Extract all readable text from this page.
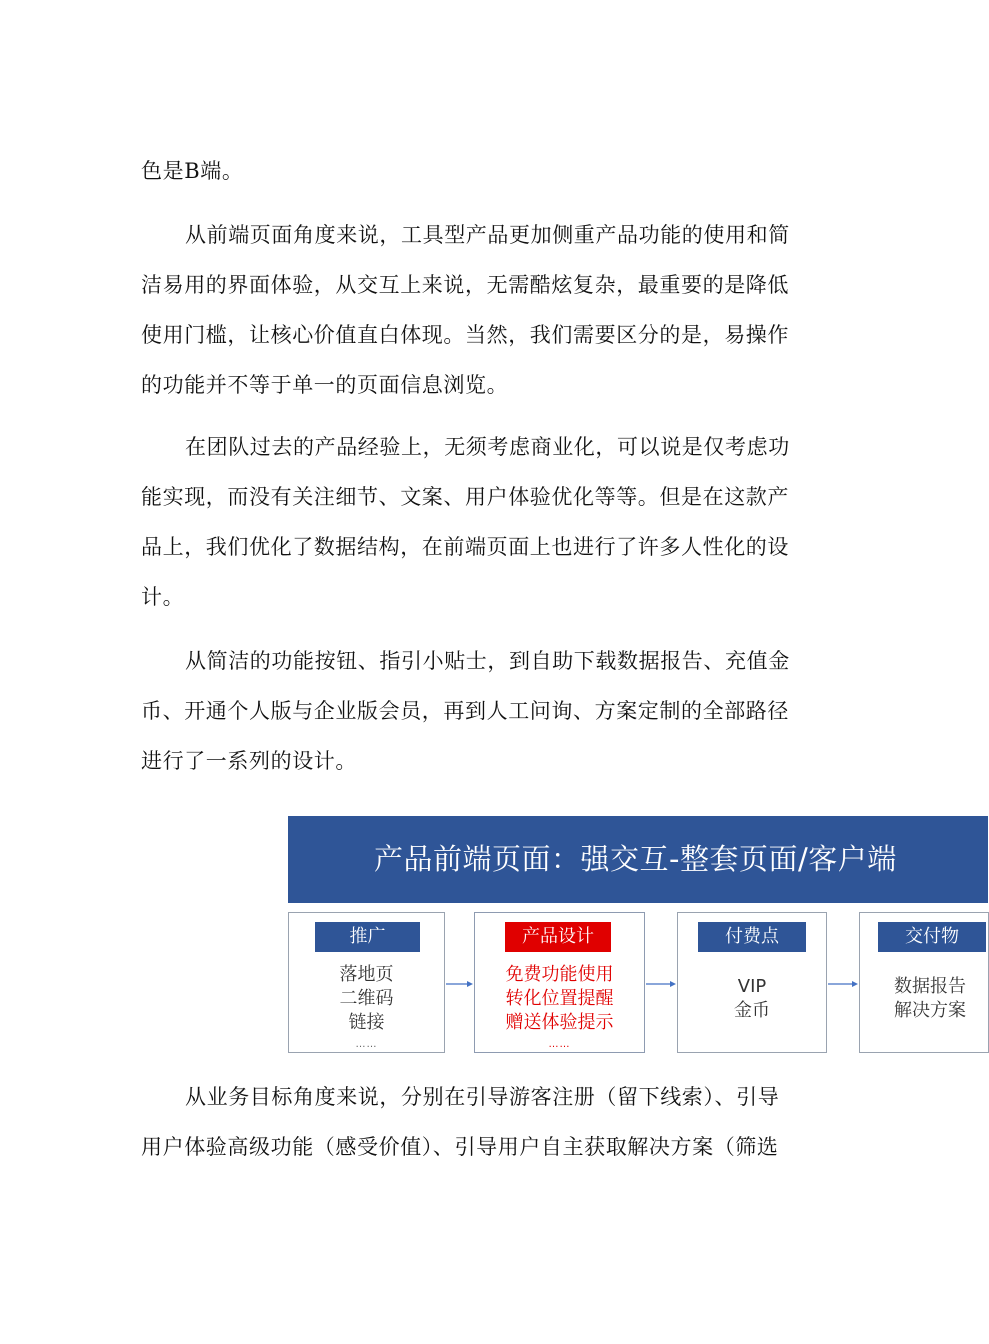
色是B端。

从前端页面角度来说，工具型产品更加侧重产品功能的使用和简
洁易用的界面体验，从交互上来说，无需酷炫复杂，最重要的是降低
使用门槛，让核心价值直白体现。当然，我们需要区分的是，易操作
的功能并不等于单一的页面信息浏览。

在团队过去的产品经验上，无须考虑商业化，可以说是仅考虑功
能实现，而没有关注细节、文案、用户体验优化等等。但是在这款产
品上，我们优化了数据结构，在前端页面上也进行了许多人性化的设
计。

从简洁的功能按钮、指引小贴士，到自助下载数据报告、充值金
币、开通个人版与企业版会员，再到人工问询、方案定制的全部路径
进行了一系列的设计。

产品前端页面：强交互-整套页面/客户端
推广
落地页
二维码
链接
……
产品设计
免费功能使用
转化位置提醒
赠送体验提示
……
付费点
VIP
金币
交付物
数据报告
解决方案

从业务目标角度来说，分别在引导游客注册（留下线索）、引导
用户体验高级功能（感受价值）、引导用户自主获取解决方案（筛选
